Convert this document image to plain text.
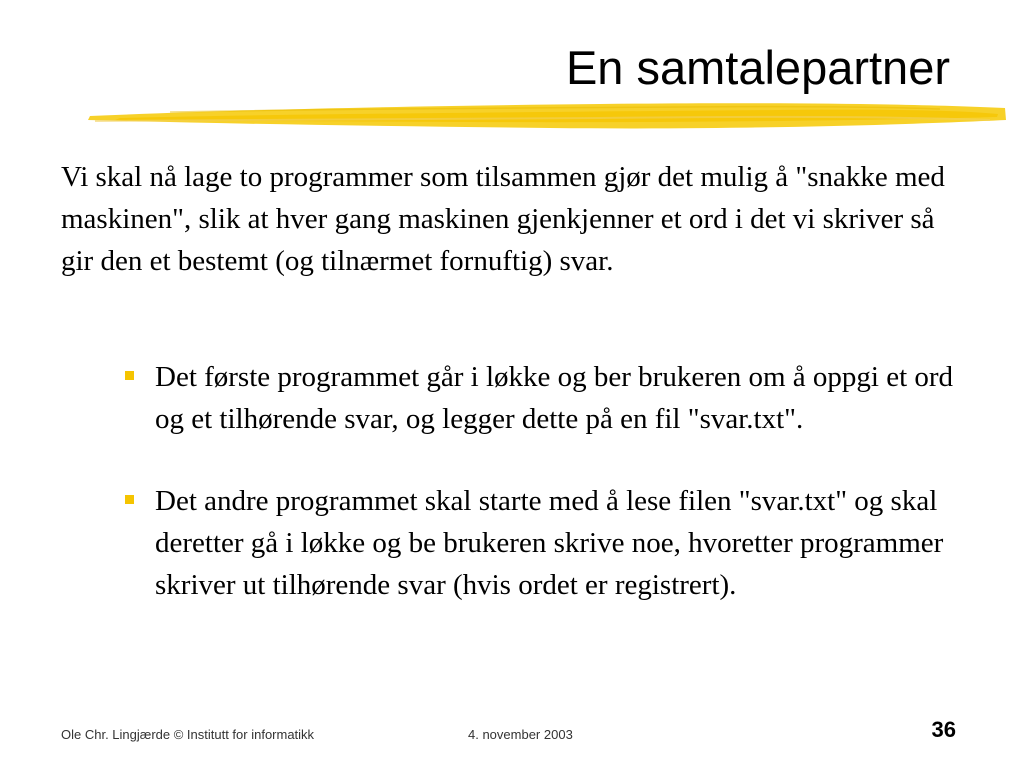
En samtalepartner

Vi skal nå lage to programmer som tilsammen gjør det mulig å "snakke med maskinen", slik at hver gang maskinen gjenkjenner et ord i det vi skriver så gir den et bestemt (og tilnærmet fornuftig) svar.

Det første programmet går i løkke og ber brukeren om å oppgi et ord og et tilhørende svar, og legger dette på en fil "svar.txt".
Det andre programmet skal starte med å lese filen "svar.txt" og skal deretter gå i løkke og be brukeren skrive noe, hvoretter programmer skriver ut tilhørende svar (hvis ordet er registrert).
Ole Chr. Lingjærde © Institutt for informatikk	4. november 2003	36
